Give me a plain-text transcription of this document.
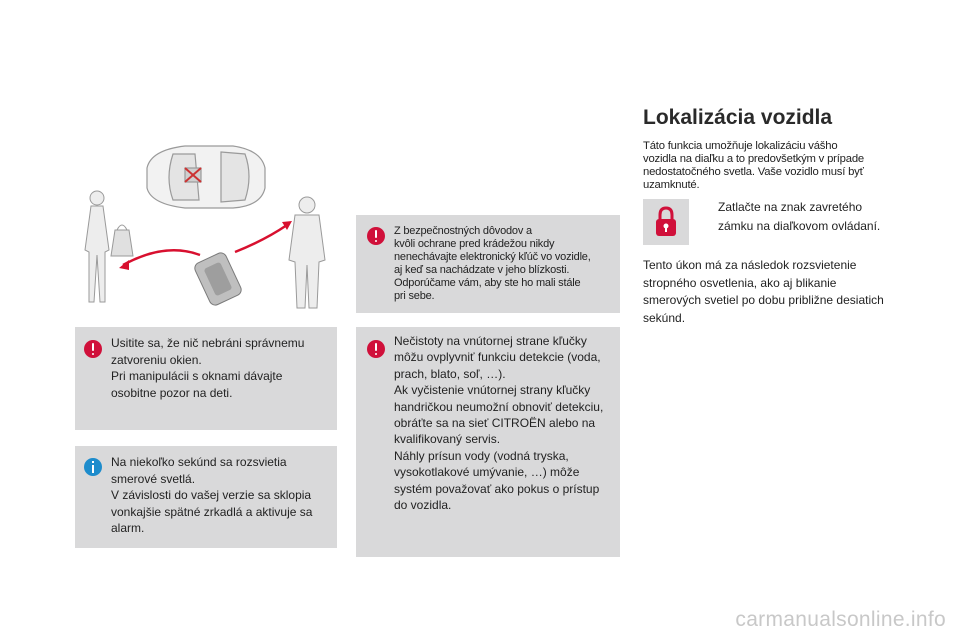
Z bezpečnostných dôvodov a
kvôli ochrane pred krádežou nikdy
nenechávajte elektronický kľúč vo vozidle,
aj keď sa nachádzate v jeho blízkosti.
Odporúčame vám, aby ste ho mali stále
pri sebe.
Usitite sa, že nič nebráni správnemu
zatvoreniu okien.
Pri manipulácii s oknami dávajte
osobitne pozor na deti.
Na niekoľko sekúnd sa rozsvietia
smerové svetlá.
V závislosti do vašej verzie sa sklopia
vonkajšie spätné zrkadlá a aktivuje sa
alarm.
Nečistoty na vnútornej strane kľučky
môžu ovplyvniť funkciu detekcie (voda,
prach, blato, soľ, …).
Ak vyčistenie vnútornej strany kľučky
handričkou neumožní obnoviť detekciu,
obráťte sa na sieť CITROËN alebo na
kvalifikovaný servis.
Náhly prísun vody (vodná tryska,
vysokotlakové umývanie, …) môže
systém považovať ako pokus o prístup
do vozidla.
Lokalizácia vozidla
Táto funkcia umožňuje lokalizáciu vášho
vozidla na diaľku a to predovšetkým v prípade
nedostatočného svetla. Vaše vozidlo musí byť
uzamknuté.
Zatlačte na znak zavretého
zámku na diaľkovom ovládaní.
Tento úkon má za následok rozsvietenie
stropného osvetlenia, ako aj blikanie
smerových svetiel po dobu približne desiatich
sekúnd.
carmanualsonline.info
